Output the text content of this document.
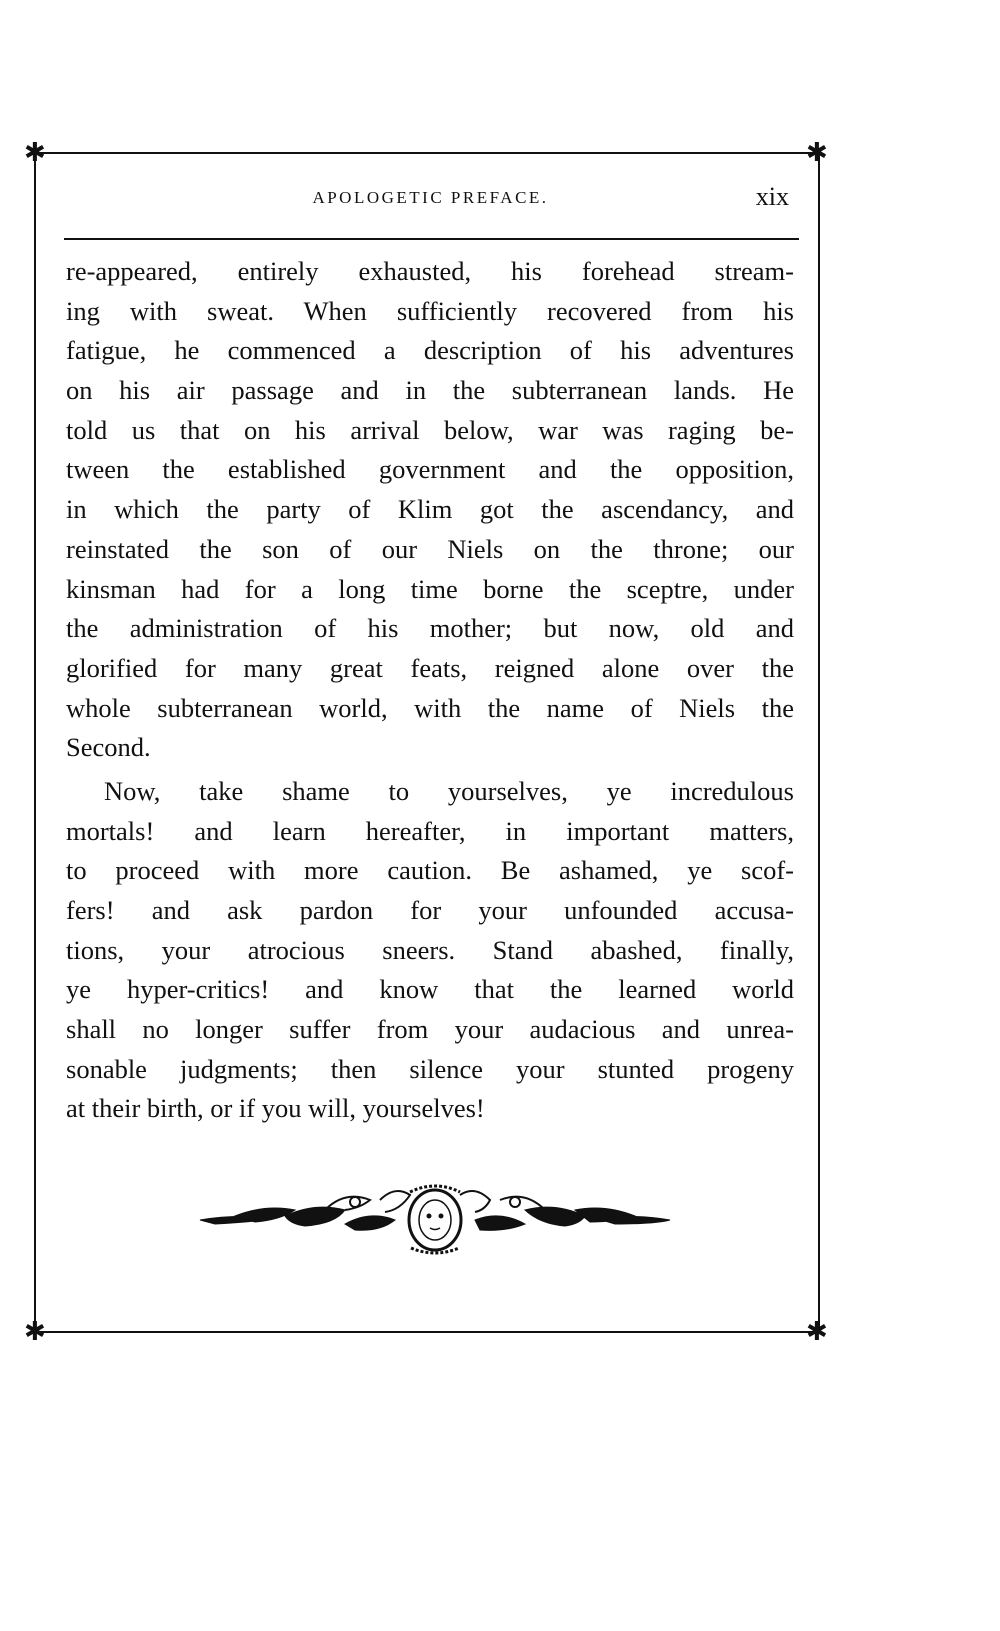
✱	✱
✱	✱
APOLOGETIC PREFACE.	xix
re-appeared, entirely exhausted, his forehead stream-
ing with sweat. When sufficiently recovered from his
fatigue, he commenced a description of his adventures
on his air passage and in the subterranean lands. He
told us that on his arrival below, war was raging be-
tween the established government and the opposition,
in which the party of Klim got the ascendancy, and
reinstated the son of our Niels on the throne; our
kinsman had for a long time borne the sceptre, under
the administration of his mother; but now, old and
glorified for many great feats, reigned alone over the
whole subterranean world, with the name of Niels the
Second.
Now, take shame to yourselves, ye incredulous
mortals! and learn hereafter, in important matters,
to proceed with more caution. Be ashamed, ye scof-
fers! and ask pardon for your unfounded accusa-
tions, your atrocious sneers. Stand abashed, finally,
ye hyper-critics! and know that the learned world
shall no longer suffer from your audacious and unrea-
sonable judgments; then silence your stunted progeny
at their birth, or if you will, yourselves!
